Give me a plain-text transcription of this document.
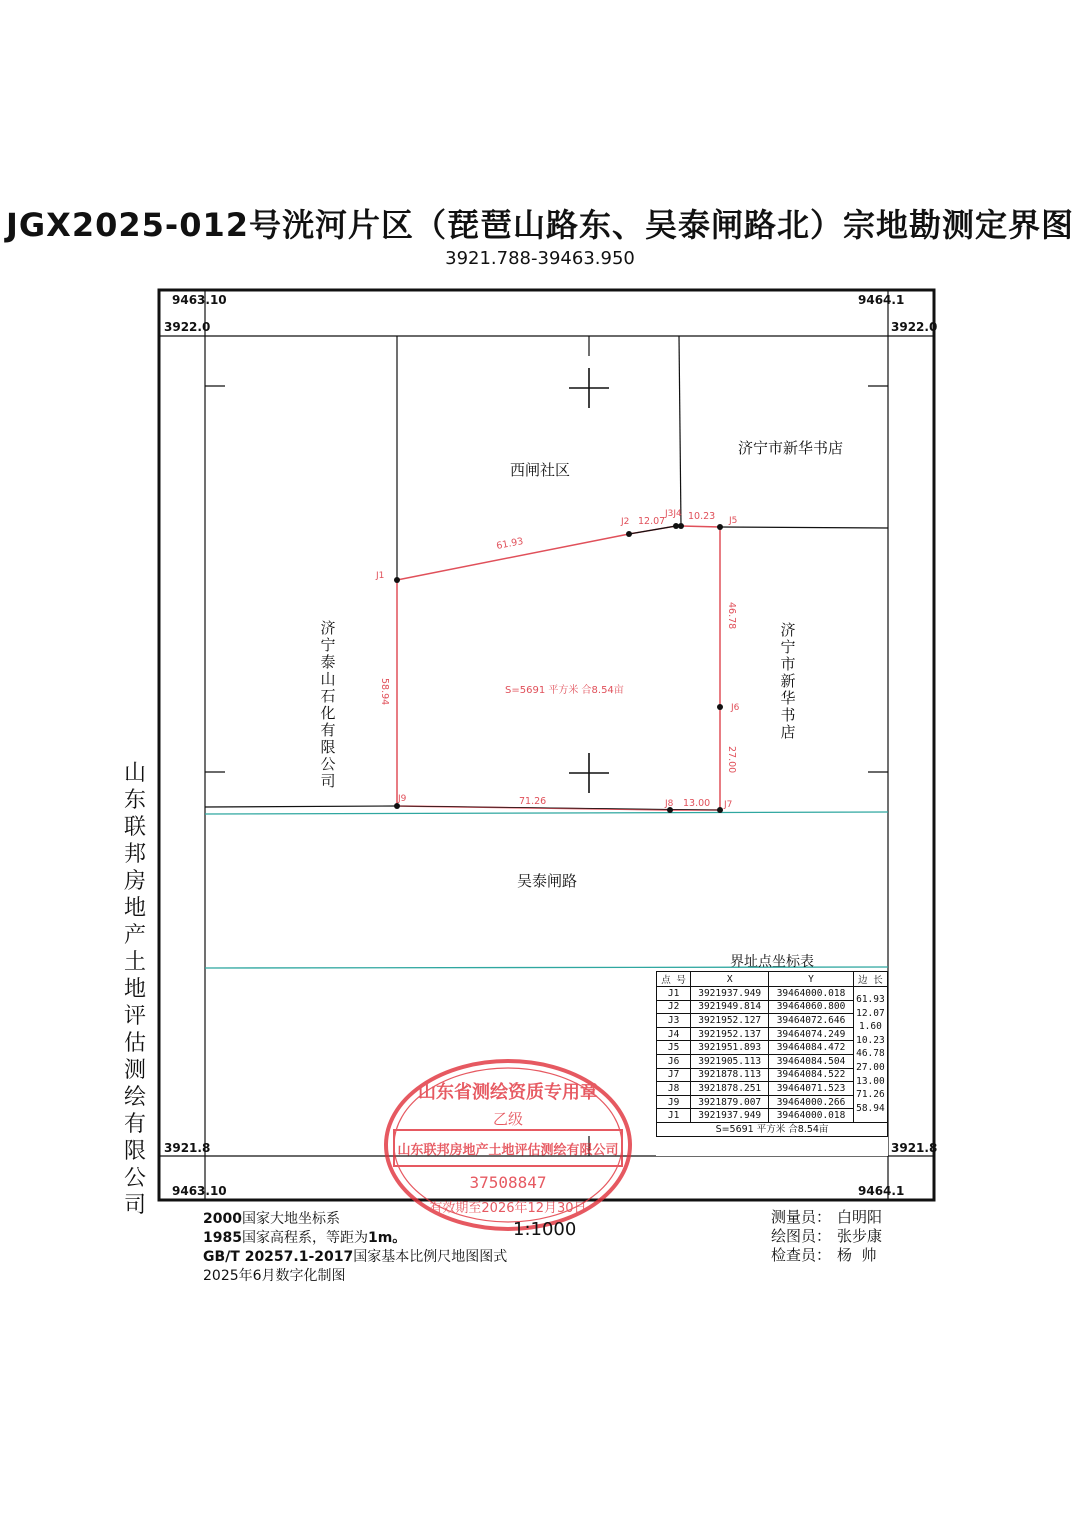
JGX2025-012号洸河片区（琵琶山路东、吴泰闸路北）宗地勘测定界图
3921.788-39463.950
J1
J2
J3J4
J5
J6
J7
J8
J9
61.93
12.07 10.23
46.78
27.00
13.00
71.26
58.94	S=5691 平方米 合8.54亩
西闸社区
济宁市新华书店
吴泰闸路
济宁泰山石化有限公司
济宁市新华书店
山东联邦房地产土地评估测绘有限公司
9463.10	9464.1
3922.0	3922.0
3921.8	3921.8
9463.10	9464.1
界址点坐标表
点 号	X	Y	边 长
J1	3921937.949	39464000.018	61.93

J2	3921949.814	39464060.800	12.07

J3	3921952.127	39464072.646	1.60

J4	3921952.137	39464074.249	10.23

J5	3921951.893	39464084.472	46.78

J6	3921905.113	39464084.504	27.00

J7	3921878.113	39464084.522	13.00

J8	3921878.251	39464071.523	71.26

J9	3921879.007	39464000.266	58.94

J1	3921937.949	39464000.018	
S=5691 平方米 合8.54亩
山东省测绘资质专用章
乙级
山东联邦房地产土地评估测绘有限公司
37508847
有效期至2026年12月30日
2000国家大地坐标系
1985国家高程系，等距为1m。
GB/T 20257.1-2017国家基本比例尺地图图式
2025年6月数字化制图
1:1000
测量员： 白明阳
绘图员： 张步康
检查员： 杨  帅
